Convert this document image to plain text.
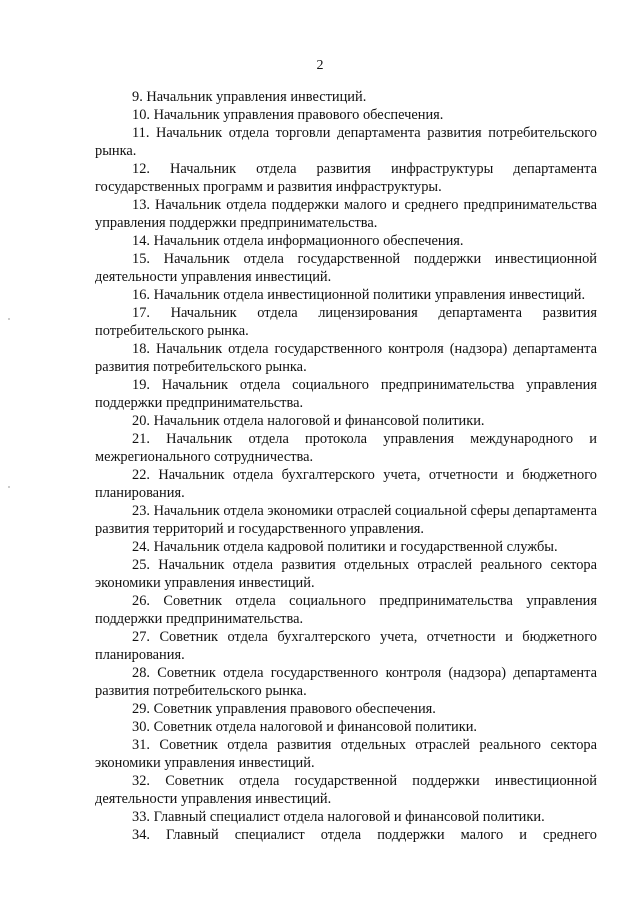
2

9. Начальник управления инвестиций.

10. Начальник управления правового обеспечения.

11. Начальник отдела торговли департамента развития потребительского рынка.

12. Начальник отдела развития инфраструктуры департамента государственных программ и развития инфраструктуры.

13. Начальник отдела поддержки малого и среднего предпринимательства управления поддержки предпринимательства.

14. Начальник отдела информационного обеспечения.

15. Начальник отдела государственной поддержки инвестиционной деятельности управления инвестиций.

16. Начальник отдела инвестиционной политики управления инвестиций.

17. Начальник отдела лицензирования департамента развития потребительского рынка.

18. Начальник отдела государственного контроля (надзора) департамента развития потребительского рынка.

19. Начальник отдела социального предпринимательства управления поддержки предпринимательства.

20. Начальник отдела налоговой и финансовой политики.

21. Начальник отдела протокола управления международного и межрегионального сотрудничества.

22. Начальник отдела бухгалтерского учета, отчетности и бюджетного планирования.

23. Начальник отдела экономики отраслей социальной сферы департамента развития территорий и государственного управления.

24. Начальник отдела кадровой политики и государственной службы.

25. Начальник отдела развития отдельных отраслей реального сектора экономики управления инвестиций.

26. Советник отдела социального предпринимательства управления поддержки предпринимательства.

27. Советник отдела бухгалтерского учета, отчетности и бюджетного планирования.

28. Советник отдела государственного контроля (надзора) департамента развития потребительского рынка.

29. Советник управления правового обеспечения.

30. Советник отдела налоговой и финансовой политики.

31. Советник отдела развития отдельных отраслей реального сектора экономики управления инвестиций.

32. Советник отдела государственной поддержки инвестиционной деятельности управления инвестиций.

33. Главный специалист отдела налоговой и финансовой политики.

34. Главный специалист отдела поддержки малого и среднего
